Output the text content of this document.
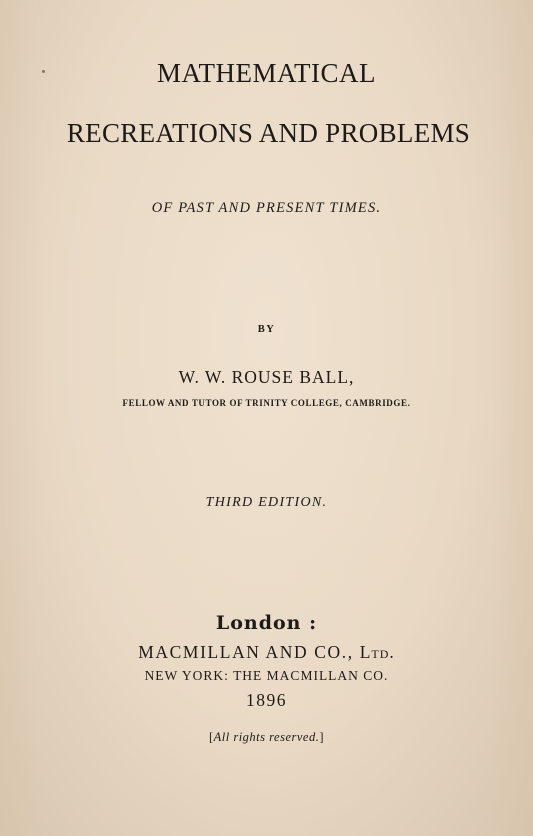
MATHEMATICAL
RECREATIONS AND PROBLEMS
OF PAST AND PRESENT TIMES.
BY
W. W. ROUSE BALL,
FELLOW AND TUTOR OF TRINITY COLLEGE, CAMBRIDGE.
THIRD EDITION.
London :
MACMILLAN AND CO., Ltd.
NEW YORK: THE MACMILLAN CO.
1896
[All rights reserved.]
